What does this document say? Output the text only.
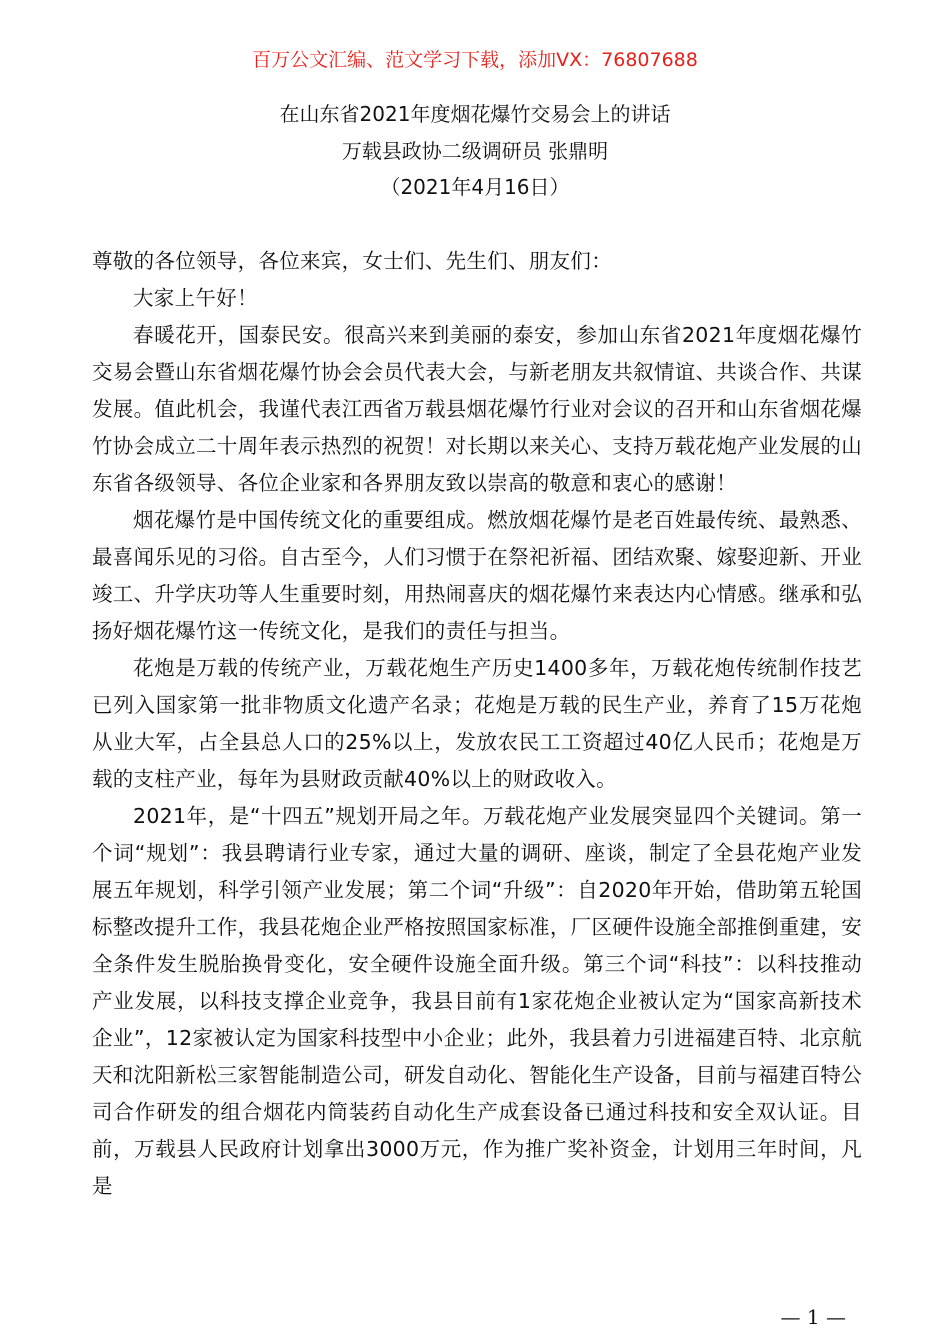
百万公文汇编、范文学习下载，添加VX：76807688
在山东省2021年度烟花爆竹交易会上的讲话
万载县政协二级调研员 张鼎明
（2021年4月16日）

尊敬的各位领导，各位来宾，女士们、先生们、朋友们：

大家上午好！

春暖花开，国泰民安。很高兴来到美丽的泰安，参加山东省2021年度烟花爆竹交易会暨山东省烟花爆竹协会会员代表大会，与新老朋友共叙情谊、共谈合作、共谋发展。值此机会，我谨代表江西省万载县烟花爆竹行业对会议的召开和山东省烟花爆竹协会成立二十周年表示热烈的祝贺！对长期以来关心、支持万载花炮产业发展的山东省各级领导、各位企业家和各界朋友致以崇高的敬意和衷心的感谢！

烟花爆竹是中国传统文化的重要组成。燃放烟花爆竹是老百姓最传统、最熟悉、最喜闻乐见的习俗。自古至今，人们习惯于在祭祀祈福、团结欢聚、嫁娶迎新、开业竣工、升学庆功等人生重要时刻，用热闹喜庆的烟花爆竹来表达内心情感。继承和弘扬好烟花爆竹这一传统文化，是我们的责任与担当。

花炮是万载的传统产业，万载花炮生产历史1400多年，万载花炮传统制作技艺已列入国家第一批非物质文化遗产名录；花炮是万载的民生产业，养育了15万花炮从业大军，占全县总人口的25%以上，发放农民工工资超过40亿人民币；花炮是万载的支柱产业，每年为县财政贡献40%以上的财政收入。

2021年，是“十四五”规划开局之年。万载花炮产业发展突显四个关键词。第一个词“规划”：我县聘请行业专家，通过大量的调研、座谈，制定了全县花炮产业发展五年规划，科学引领产业发展；第二个词“升级”：自2020年开始，借助第五轮国标整改提升工作，我县花炮企业严格按照国家标准，厂区硬件设施全部推倒重建，安全条件发生脱胎换骨变化，安全硬件设施全面升级。第三个词“科技”：以科技推动产业发展，以科技支撑企业竞争，我县目前有1家花炮企业被认定为“国家高新技术企业”，12家被认定为国家科技型中小企业；此外，我县着力引进福建百特、北京航天和沈阳新松三家智能制造公司，研发自动化、智能化生产设备，目前与福建百特公司合作研发的组合烟花内筒装药自动化生产成套设备已通过科技和安全双认证。目前，万载县人民政府计划拿出3000万元，作为推广奖补资金，计划用三年时间，凡是

— 1 —
